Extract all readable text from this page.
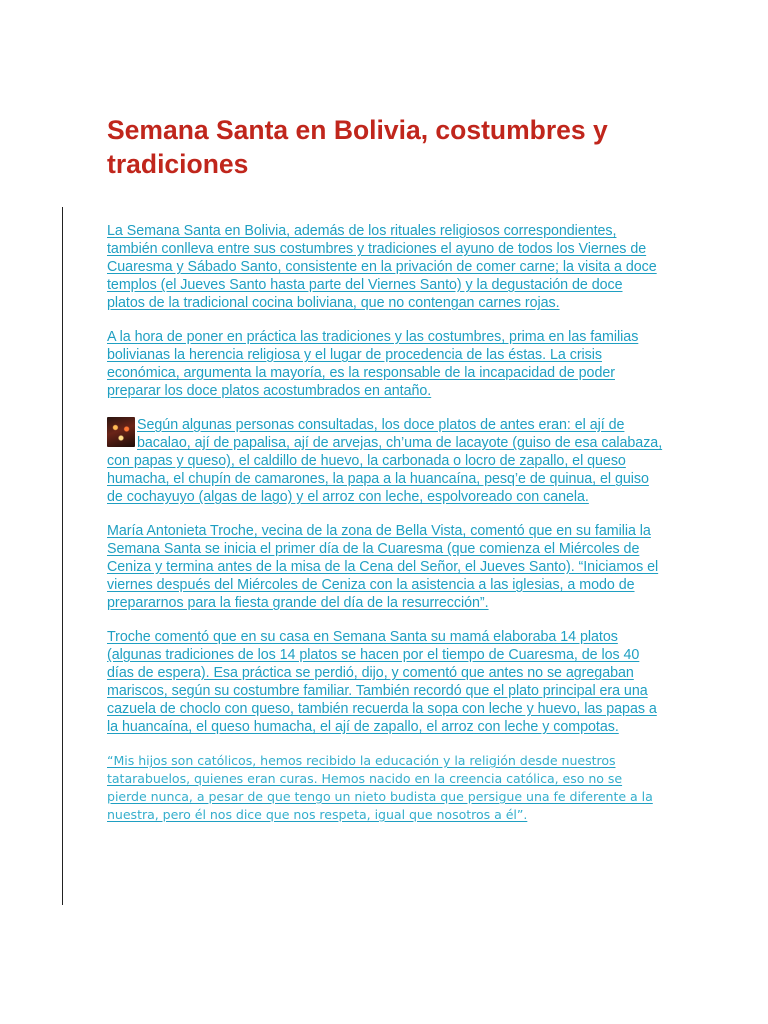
Semana Santa en Bolivia, costumbres y tradiciones

La Semana Santa en Bolivia, además de los rituales religiosos correspondientes, también conlleva entre sus costumbres y tradiciones el ayuno de todos los Viernes de Cuaresma y Sábado Santo, consistente en la privación de comer carne; la visita a doce templos (el Jueves Santo hasta parte del Viernes Santo) y la degustación de doce platos de la tradicional cocina boliviana, que no contengan carnes rojas.

A la hora de poner en práctica las tradiciones y las costumbres, prima en las familias bolivianas la herencia religiosa y el lugar de procedencia de las éstas. La crisis económica, argumenta la mayoría, es la responsable de la incapacidad de poder preparar los doce platos acostumbrados en antaño.

Según algunas personas consultadas, los doce platos de antes eran: el ají de bacalao, ají de papalisa, ají de arvejas, ch’uma de lacayote (guiso de esa calabaza, con papas y queso), el caldillo de huevo, la carbonada o locro de zapallo, el queso humacha, el chupín de camarones, la papa a la huancaína, pesq’e de quinua, el guiso de cochayuyo (algas de lago) y el arroz con leche, espolvoreado con canela.

María Antonieta Troche, vecina de la zona de Bella Vista, comentó que en su familia la Semana Santa se inicia el primer día de la Cuaresma (que comienza el Miércoles de Ceniza y termina antes de la misa de la Cena del Señor, el Jueves Santo). “Iniciamos el viernes después del Miércoles de Ceniza con la asistencia a las iglesias, a modo de prepararnos para la fiesta grande del día de la resurrección”.

Troche comentó que en su casa en Semana Santa su mamá elaboraba 14 platos (algunas tradiciones de los 14 platos se hacen por el tiempo de Cuaresma, de los 40 días de espera). Esa práctica se perdió, dijo, y comentó que antes no se agregaban mariscos, según su costumbre familiar. También recordó que el plato principal era una cazuela de choclo con queso, también recuerda la sopa con leche y huevo, las papas a la huancaína, el queso humacha, el ají de zapallo, el arroz con leche y compotas.

“Mis hijos son católicos, hemos recibido la educación y la religión desde nuestros tatarabuelos, quienes eran curas. Hemos nacido en la creencia católica, eso no se pierde nunca, a pesar de que tengo un nieto budista que persigue una fe diferente a la nuestra, pero él nos dice que nos respeta, igual que nosotros a él”.
